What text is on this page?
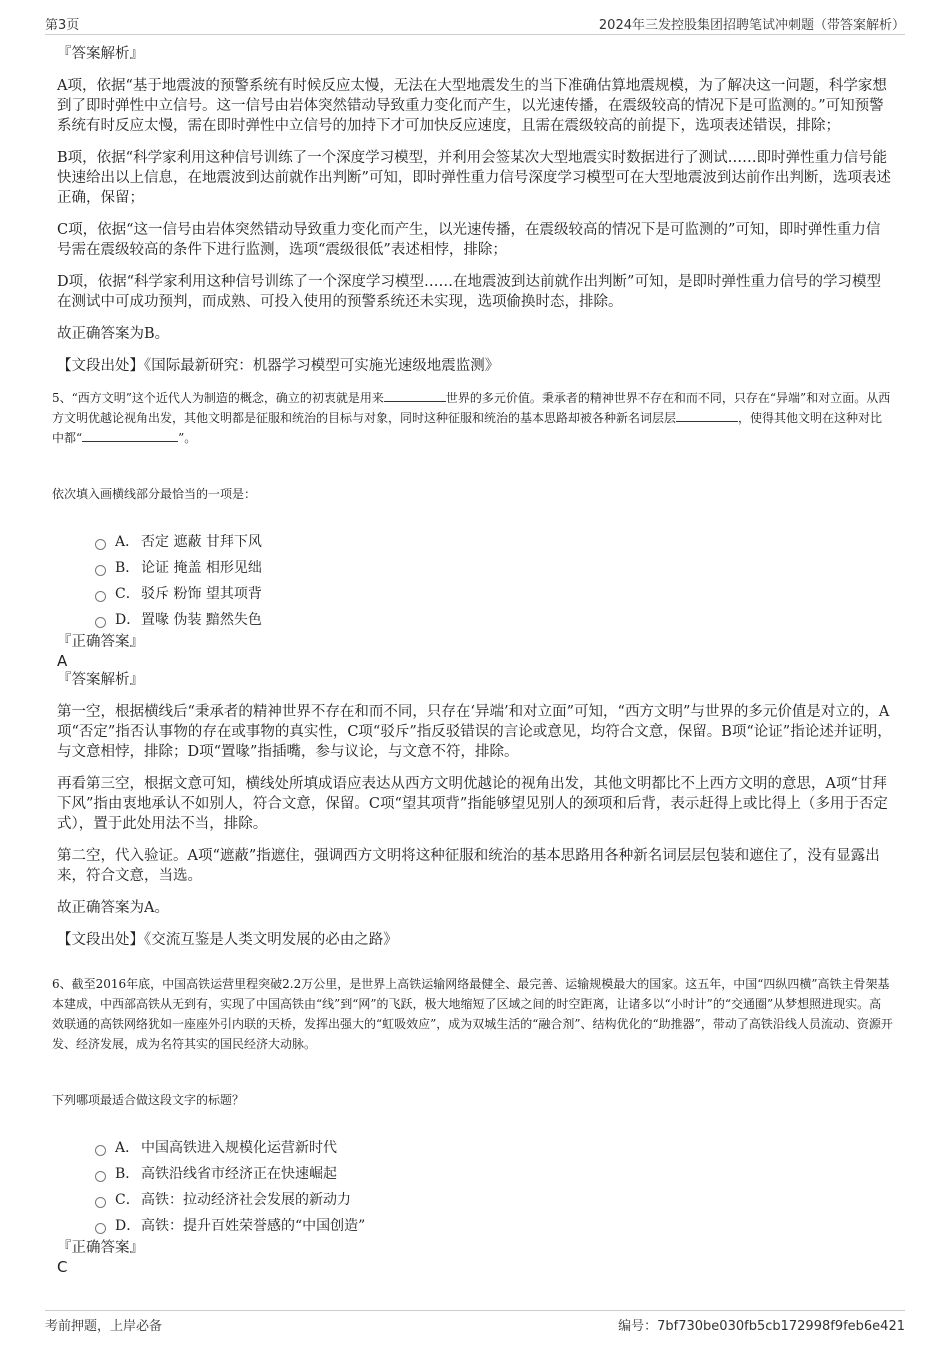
第3页	2024年三发控股集团招聘笔试冲刺题（带答案解析）

『答案解析』

A项，依据“基于地震波的预警系统有时候反应太慢，无法在大型地震发生的当下准确估算地震规模，为了解决这一问题，科学家想到了即时弹性中立信号。这一信号由岩体突然错动导致重力变化而产生，以光速传播，在震级较高的情况下是可监测的。”可知预警系统有时反应太慢，需在即时弹性中立信号的加持下才可加快反应速度，且需在震级较高的前提下，选项表述错误，排除；

B项，依据“科学家利用这种信号训练了一个深度学习模型，并利用会签某次大型地震实时数据进行了测试……即时弹性重力信号能快速给出以上信息，在地震波到达前就作出判断”可知，即时弹性重力信号深度学习模型可在大型地震波到达前作出判断，选项表述正确，保留；

C项，依据“这一信号由岩体突然错动导致重力变化而产生，以光速传播，在震级较高的情况下是可监测的”可知，即时弹性重力信号需在震级较高的条件下进行监测，选项“震级很低”表述相悖，排除；

D项，依据“科学家利用这种信号训练了一个深度学习模型……在地震波到达前就作出判断”可知，是即时弹性重力信号的学习模型在测试中可成功预判，而成熟、可投入使用的预警系统还未实现，选项偷换时态，排除。

故正确答案为B。

【文段出处】《国际最新研究：机器学习模型可实施光速级地震监测》

5、“西方文明”这个近代人为制造的概念，确立的初衷就是用来	世界的多元价值。秉承者的精神世界不存在和而不同，只存在“异端”和对立面。从西方文明优越论视角出发，其他文明都是征服和统治的目标与对象，同时这种征服和统治的基本思路却被各种新名词层层	，使得其他文明在这种对比中都“	”。

依次填入画横线部分最恰当的一项是：

A． 否定 遮蔽 甘拜下风
B． 论证 掩盖 相形见绌
C． 驳斥 粉饰 望其项背
D． 置喙 伪装 黯然失色

『正确答案』

A

『答案解析』

第一空，根据横线后“秉承者的精神世界不存在和而不同，只存在‘异端’和对立面”可知，“西方文明”与世界的多元价值是对立的，A项“否定”指否认事物的存在或事物的真实性，C项“驳斥”指反驳错误的言论或意见，均符合文意，保留。B项“论证”指论述并证明，与文意相悖，排除；D项“置喙”指插嘴，参与议论，与文意不符，排除。

再看第三空，根据文意可知，横线处所填成语应表达从西方文明优越论的视角出发，其他文明都比不上西方文明的意思，A项“甘拜下风”指由衷地承认不如别人，符合文意，保留。C项“望其项背”指能够望见别人的颈项和后背，表示赶得上或比得上（多用于否定式），置于此处用法不当，排除。

第二空，代入验证。A项“遮蔽”指遮住，强调西方文明将这种征服和统治的基本思路用各种新名词层层包装和遮住了，没有显露出来，符合文意，当选。

故正确答案为A。

【文段出处】《交流互鉴是人类文明发展的必由之路》

6、截至2016年底，中国高铁运营里程突破2.2万公里，是世界上高铁运输网络最健全、最完善、运输规模最大的国家。这五年，中国“四纵四横”高铁主骨架基本建成，中西部高铁从无到有，实现了中国高铁由“线”到“网”的飞跃，极大地缩短了区域之间的时空距离，让诸多以“小时计”的“交通圈”从梦想照进现实。高效联通的高铁网络犹如一座座外引内联的天桥，发挥出强大的“虹吸效应”，成为双城生活的“融合剂”、结构优化的“助推器”，带动了高铁沿线人员流动、资源开发、经济发展，成为名符其实的国民经济大动脉。

下列哪项最适合做这段文字的标题？

A． 中国高铁进入规模化运营新时代
B． 高铁沿线省市经济正在快速崛起
C． 高铁：拉动经济社会发展的新动力
D． 高铁：提升百姓荣誉感的“中国创造”

『正确答案』

C

考前押题，上岸必备	编号：7bf730be030fb5cb172998f9feb6e421
